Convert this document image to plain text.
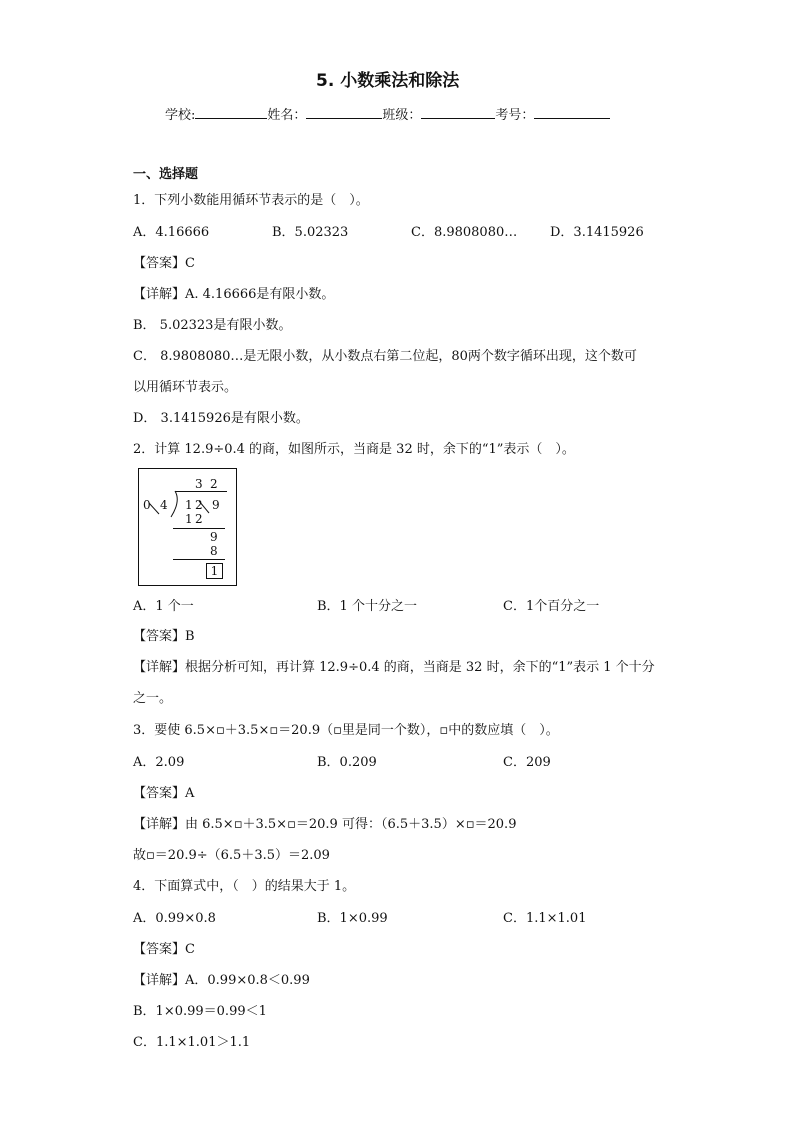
5. 小数乘法和除法
学校:	姓名：	班级：	考号：
一、选择题
1．下列小数能用循环节表示的是（　）。
A．4.16666	B．5.02323	C．8.9808080…	D．3.1415926
【答案】C
【详解】A. 4.16666是有限小数。
B． 5.02323是有限小数。
C． 8.9808080…是无限小数，从小数点右第二位起，80两个数字循环出现，这个数可
以用循环节表示。
D． 3.1415926是有限小数。
2．计算 12.9÷0.4 的商，如图所示，当商是 32 时，余下的“1”表示（　）。
3 2
0 4 1 2 9
1 2
9
8
1
A．1 个一	B．1 个十分之一	C．1个百分之一
【答案】B
【详解】根据分析可知，再计算 12.9÷0.4 的商，当商是 32 时，余下的“1”表示 1 个十分
之一。
3．要使 6.5×▫＋3.5×▫＝20.9（▫里是同一个数），▫中的数应填（　）。
A．2.09	B．0.209	C．209
【答案】A
【详解】由 6.5×▫＋3.5×▫＝20.9 可得：（6.5＋3.5）×▫＝20.9
故▫＝20.9÷（6.5＋3.5）＝2.09
4．下面算式中，（　）的结果大于 1。
A．0.99×0.8	B．1×0.99	C．1.1×1.01
【答案】C
【详解】A．0.99×0.8＜0.99
B．1×0.99＝0.99＜1
C．1.1×1.01＞1.1
